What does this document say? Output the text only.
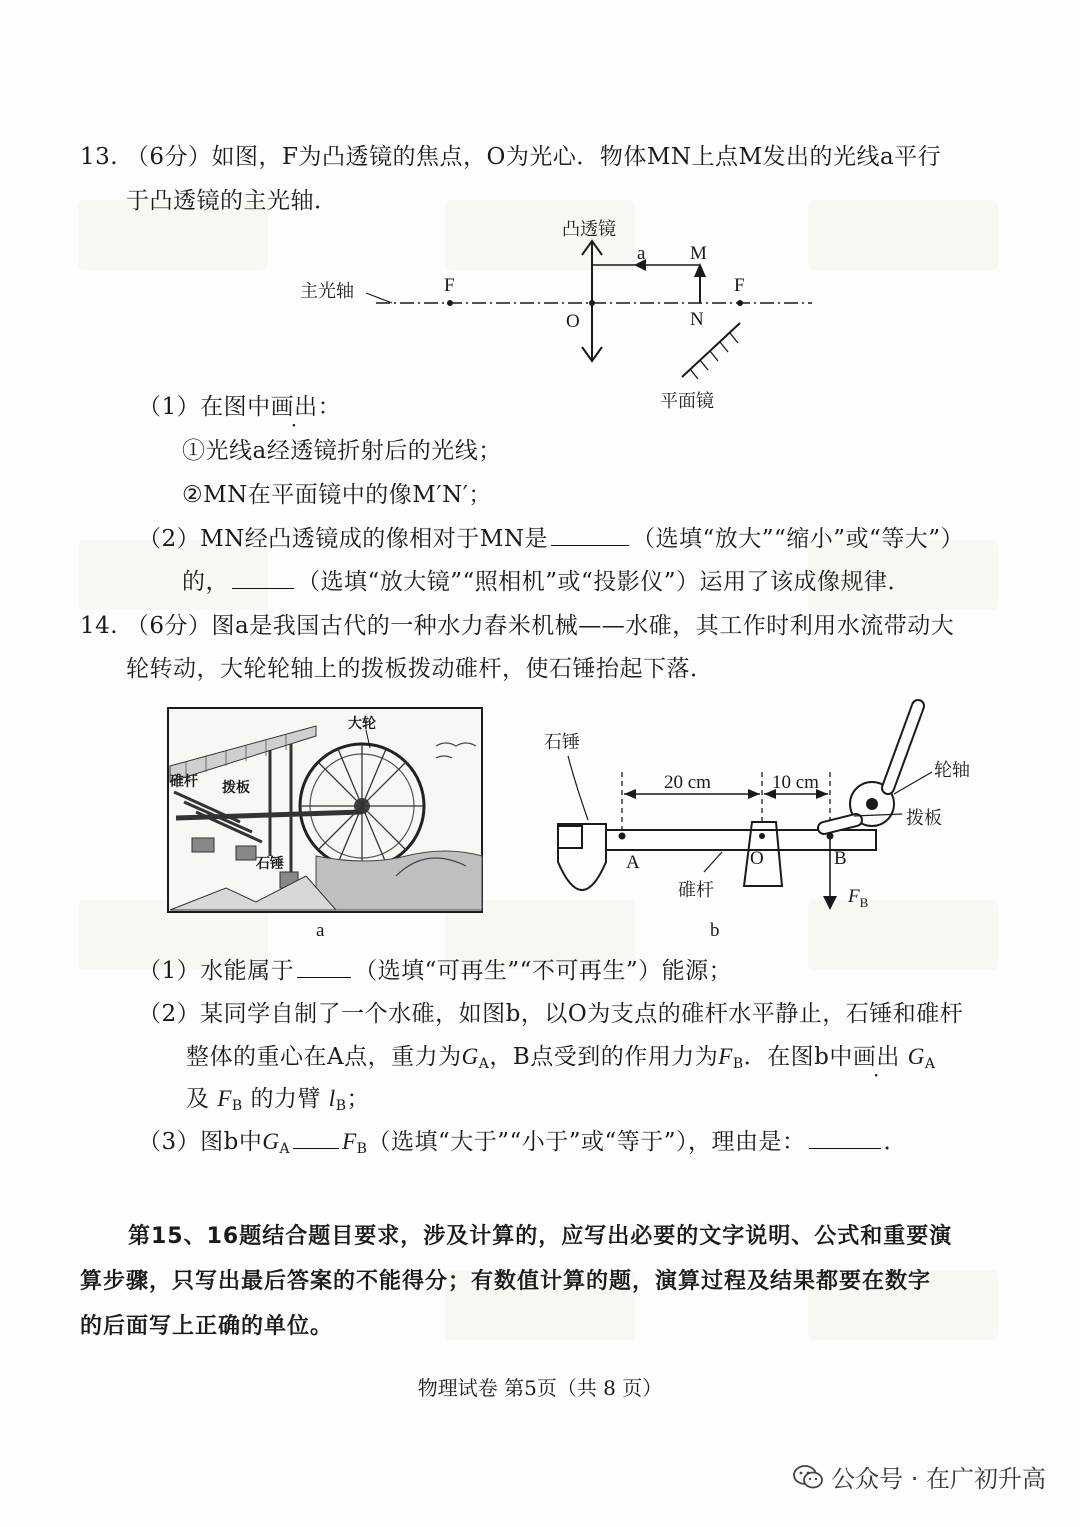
13. （6分）如图，F为凸透镜的焦点，O为光心．物体MN上点M发出的光线a平行
于凸透镜的主光轴．
主光轴
凸透镜
O
F	F
M
N
a
平面镜
（1）在图中画出：
①光线a经透镜折射后的光线；
②MN在平面镜中的像M′N′；
（2）MN经凸透镜成的像相对于MN是	（选填“放大”“缩小”或“等大”）
的，	（选填“放大镜”“照相机”或“投影仪”）运用了该成像规律．
14. （6分）图a是我国古代的一种水力舂米机械——水碓，其工作时利用水流带动大
轮转动，大轮轮轴上的拨板拨动碓杆，使石锤抬起下落．
大轮
碓杆 拨板
石锤
a
石锤
O
A	B
20 cm	10 cm
$F_B$
轮轴
拨板
碓杆
b
（1）水能属于	（选填“可再生”“不可再生”）能源；
（2）某同学自制了一个水碓，如图b，以O为支点的碓杆水平静止，石锤和碓杆
整体的重心在A点，重力为$G_A$，B点受到的作用力为$F_B$．在图b中画出 $G_A$
及 $F_B$ 的力臂 $l_B$；
（3）图b中$G_A$ $F_B$（选填“大于”“小于”或“等于”），理由是：	．
第15、16题结合题目要求，涉及计算的，应写出必要的文字说明、公式和重要演
算步骤，只写出最后答案的不能得分；有数值计算的题，演算过程及结果都要在数字
的后面写上正确的单位。
物理试卷 第5页（共 8 页）
公众号 · 在广初升高
